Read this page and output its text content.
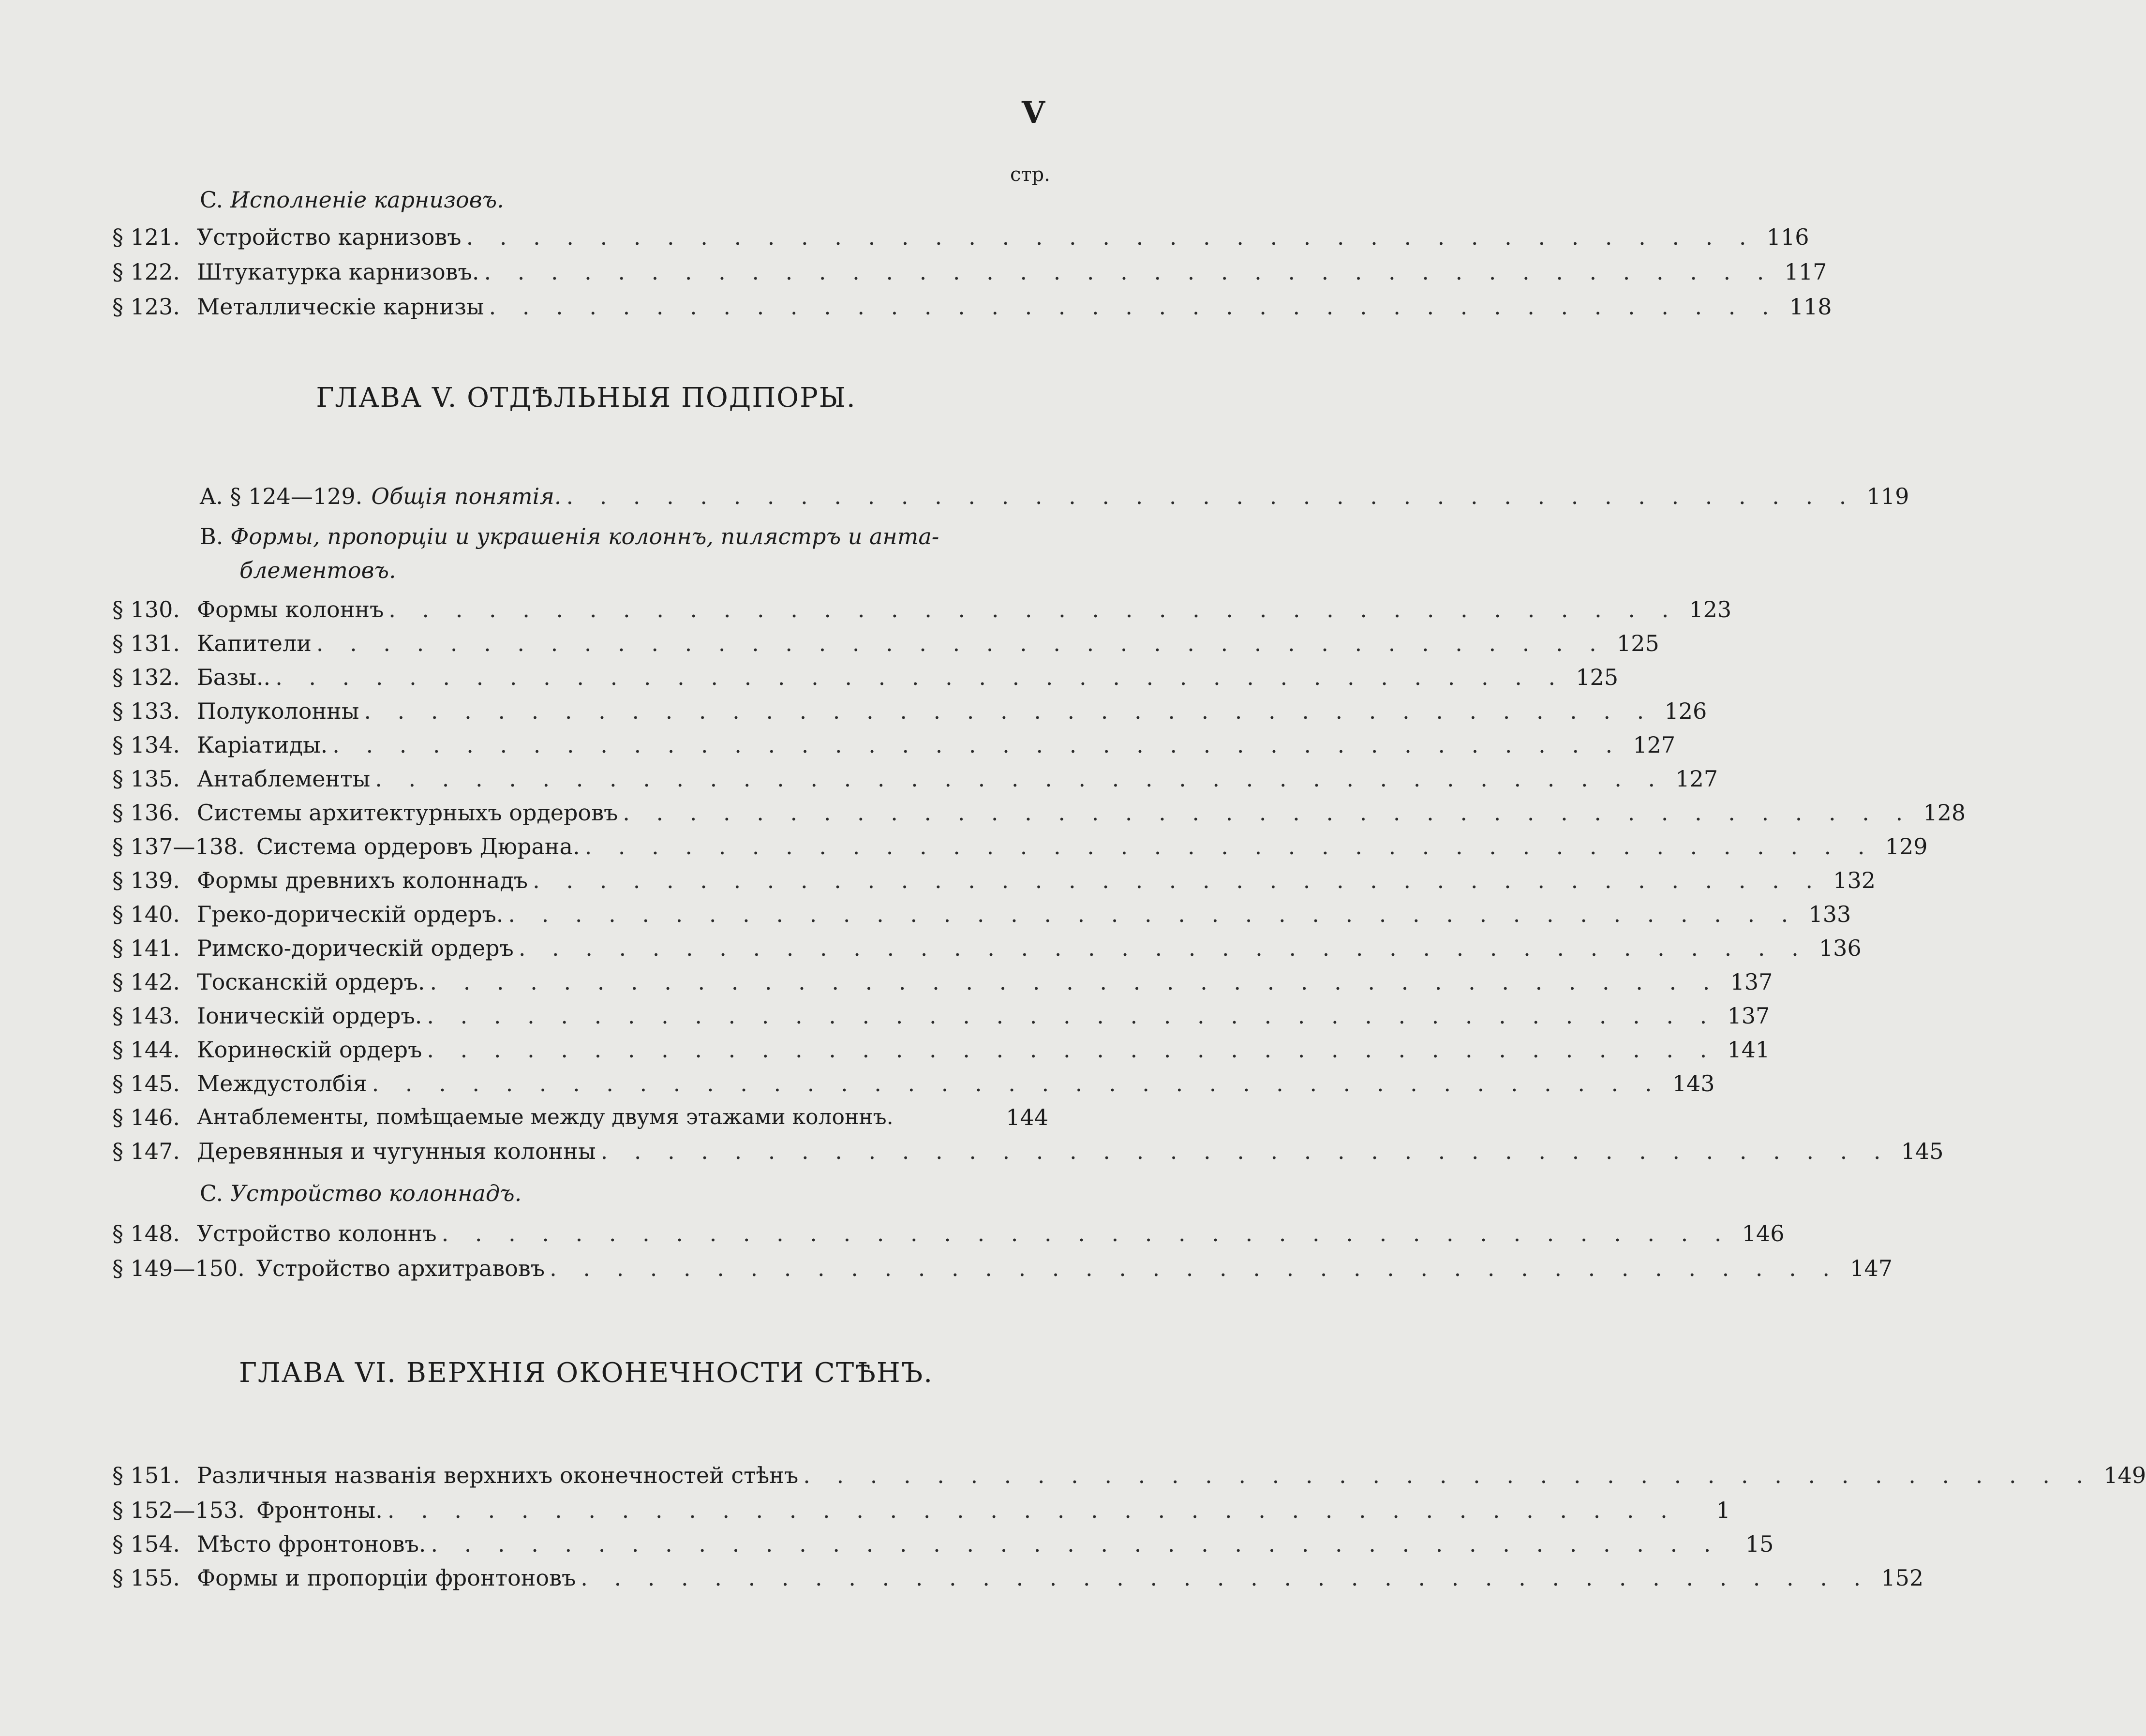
V
стр.
C. Исполненіе карнизовъ.
§ 121. Устройство карнизовъ . . . . . . . . . . . . . . . . . . . . . . . . . . . . . . . . . . . . . . . 116
§ 122. Штукатурка карнизовъ. . . . . . . . . . . . . . . . . . . . . . . . . . . . . . . . . . . . . . . . 117
§ 123. Металлическіе карнизы . . . . . . . . . . . . . . . . . . . . . . . . . . . . . . . . . . . . . . . 118
ГЛАВА V. ОТДѢЛЬНЫЯ ПОДПОРЫ.
A. § 124—129. Общія понятія. . . . . . . . . . . . . . . . . . . . . . . . . . . . . . . . . . . . . . . . 119
B. Формы, пропорціи и украшенія колоннъ, пилястръ и анта-
блементовъ.
§ 130. Формы колоннъ . . . . . . . . . . . . . . . . . . . . . . . . . . . . . . . . . . . . . . . 123
§ 131. Капители . . . . . . . . . . . . . . . . . . . . . . . . . . . . . . . . . . . . . . . 125
§ 132. Базы.. . . . . . . . . . . . . . . . . . . . . . . . . . . . . . . . . . . . . . . . 125
§ 133. Полуколонны . . . . . . . . . . . . . . . . . . . . . . . . . . . . . . . . . . . . . . . 126
§ 134. Каріатиды. . . . . . . . . . . . . . . . . . . . . . . . . . . . . . . . . . . . . . . . 127
§ 135. Антаблементы . . . . . . . . . . . . . . . . . . . . . . . . . . . . . . . . . . . . . . . 127
§ 136. Системы архитектурныхъ ордеровъ . . . . . . . . . . . . . . . . . . . . . . . . . . . . . . . . . . . . . . . 128
§ 137—138. Система ордеровъ Дюрана. . . . . . . . . . . . . . . . . . . . . . . . . . . . . . . . . . . . . . . . 129
§ 139. Формы древнихъ колоннадъ . . . . . . . . . . . . . . . . . . . . . . . . . . . . . . . . . . . . . . . 132
§ 140. Греко-дорическій ордеръ. . . . . . . . . . . . . . . . . . . . . . . . . . . . . . . . . . . . . . . . 133
§ 141. Римско-дорическій ордеръ . . . . . . . . . . . . . . . . . . . . . . . . . . . . . . . . . . . . . . . 136
§ 142. Тосканскій ордеръ. . . . . . . . . . . . . . . . . . . . . . . . . . . . . . . . . . . . . . . . 137
§ 143. Іоническій ордеръ. . . . . . . . . . . . . . . . . . . . . . . . . . . . . . . . . . . . . . . . 137
§ 144. Коринѳскій ордеръ . . . . . . . . . . . . . . . . . . . . . . . . . . . . . . . . . . . . . . . 141
§ 145. Междустолбія . . . . . . . . . . . . . . . . . . . . . . . . . . . . . . . . . . . . . . . 143
§ 146. Антаблементы, помѣщаемые между двумя этажами колоннъ.	144
§ 147. Деревянныя и чугунныя колонны . . . . . . . . . . . . . . . . . . . . . . . . . . . . . . . . . . . . . . . 145
C. Устройство колоннадъ.
§ 148. Устройство колоннъ . . . . . . . . . . . . . . . . . . . . . . . . . . . . . . . . . . . . . . . 146
§ 149—150. Устройство архитравовъ . . . . . . . . . . . . . . . . . . . . . . . . . . . . . . . . . . . . . . . 147
ГЛАВА VI. ВЕРХНІЯ ОКОНЕЧНОСТИ СТѢНЪ.
§ 151. Различныя названія верхнихъ оконечностей стѣнъ . . . . . . . . . . . . . . . . . . . . . . . . . . . . . . . . . . . . . . . 149
§ 152—153. Фронтоны. . . . . . . . . . . . . . . . . . . . . . . . . . . . . . . . . . . . . . . .	1
§ 154. Мѣсто фронтоновъ. . . . . . . . . . . . . . . . . . . . . . . . . . . . . . . . . . . . . . . .	15
§ 155. Формы и пропорціи фронтоновъ . . . . . . . . . . . . . . . . . . . . . . . . . . . . . . . . . . . . . . . 152
